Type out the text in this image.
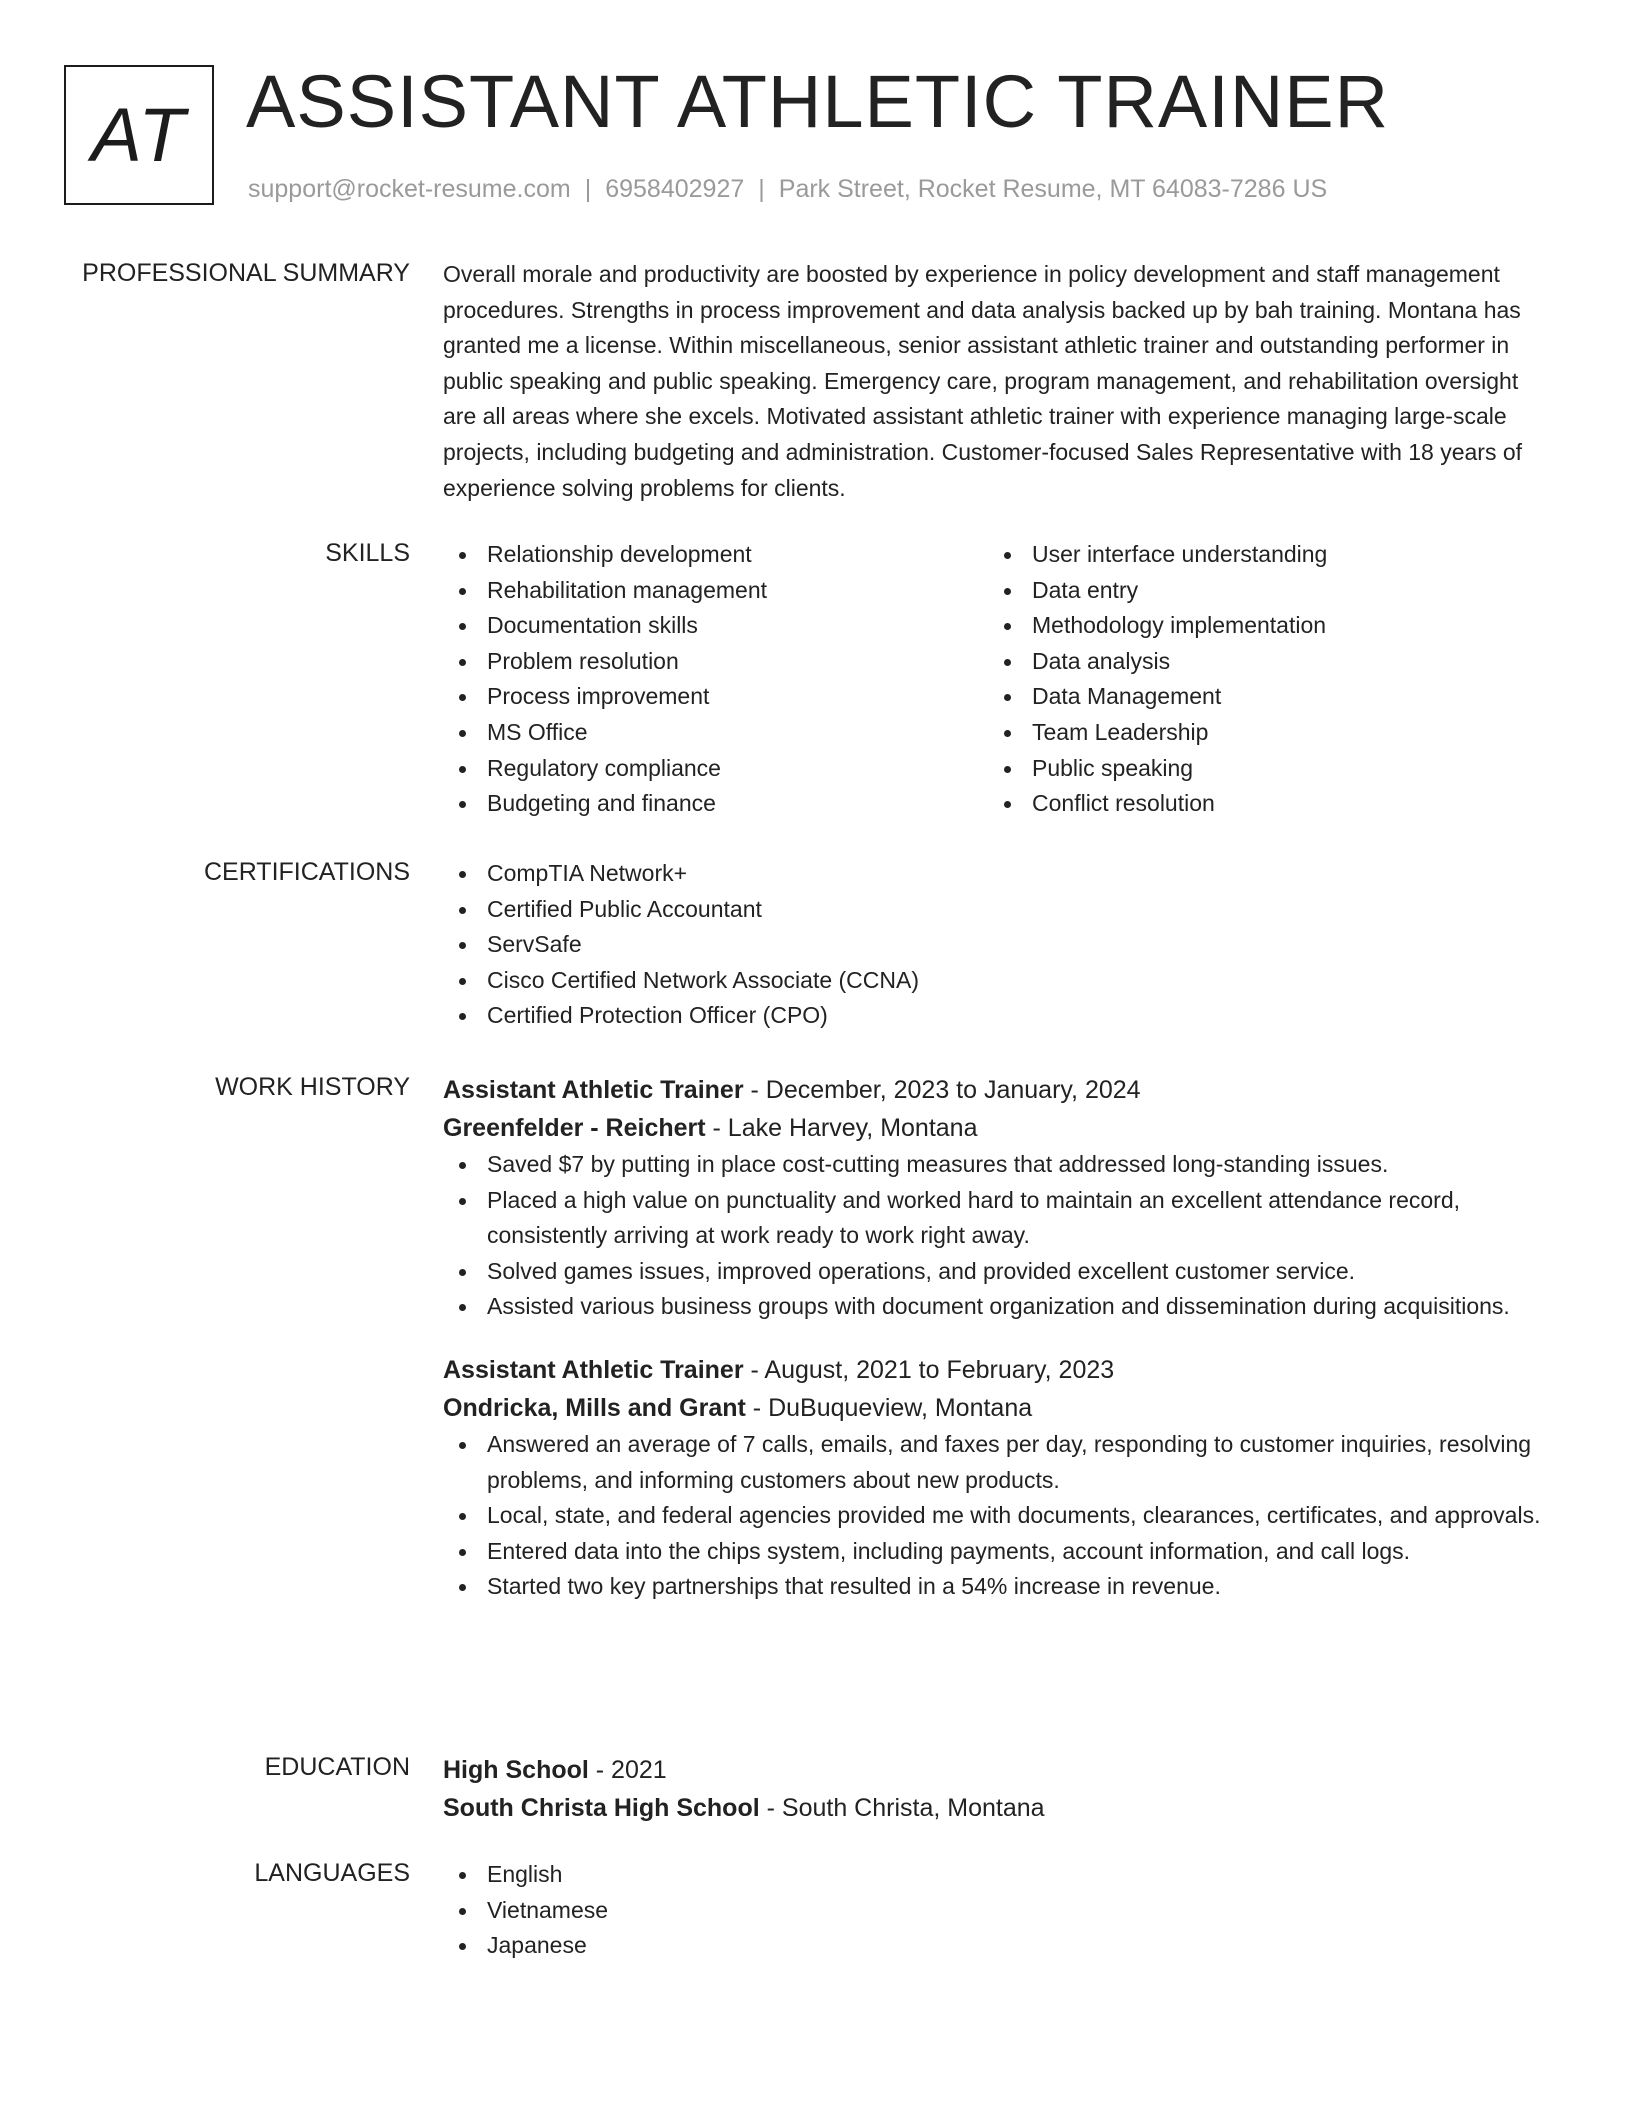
AT ASSISTANT ATHLETIC TRAINER
support@rocket-resume.com | 6958402927 | Park Street, Rocket Resume, MT 64083-7286 US
PROFESSIONAL SUMMARY Overall morale and productivity are boosted by experience in policy development and staff management procedures. Strengths in process improvement and data analysis backed up by bah training. Montana has granted me a license. Within miscellaneous, senior assistant athletic trainer and outstanding performer in public speaking and public speaking. Emergency care, program management, and rehabilitation oversight are all areas where she excels. Motivated assistant athletic trainer with experience managing large-scale projects, including budgeting and administration. Customer-focused Sales Representative with 18 years of experience solving problems for clients.

SKILLS	Relationship development
Rehabilitation management
Documentation skills
Problem resolution
Process improvement
MS Office
Regulatory compliance
Budgeting and finance
User interface understanding
Data entry
Methodology implementation
Data analysis
Data Management
Team Leadership
Public speaking
Conflict resolution
CERTIFICATIONS	CompTIA Network+
Certified Public Accountant
ServSafe
Cisco Certified Network Associate (CCNA)
Certified Protection Officer (CPO)
WORK HISTORY Assistant Athletic Trainer - December, 2023 to January, 2024
Greenfelder - Reichert - Lake Harvey, Montana
Saved $7 by putting in place cost-cutting measures that addressed long-standing issues.
Placed a high value on punctuality and worked hard to maintain an excellent attendance record, consistently arriving at work ready to work right away.
Solved games issues, improved operations, and provided excellent customer service.
Assisted various business groups with document organization and dissemination during acquisitions.
Assistant Athletic Trainer - August, 2021 to February, 2023
Ondricka, Mills and Grant - DuBuqueview, Montana
Answered an average of 7 calls, emails, and faxes per day, responding to customer inquiries, resolving problems, and informing customers about new products.
Local, state, and federal agencies provided me with documents, clearances, certificates, and approvals.
Entered data into the chips system, including payments, account information, and call logs.
Started two key partnerships that resulted in a 54% increase in revenue.
EDUCATION High School - 2021
South Christa High School - South Christa, Montana
LANGUAGES	English
Vietnamese
Japanese
